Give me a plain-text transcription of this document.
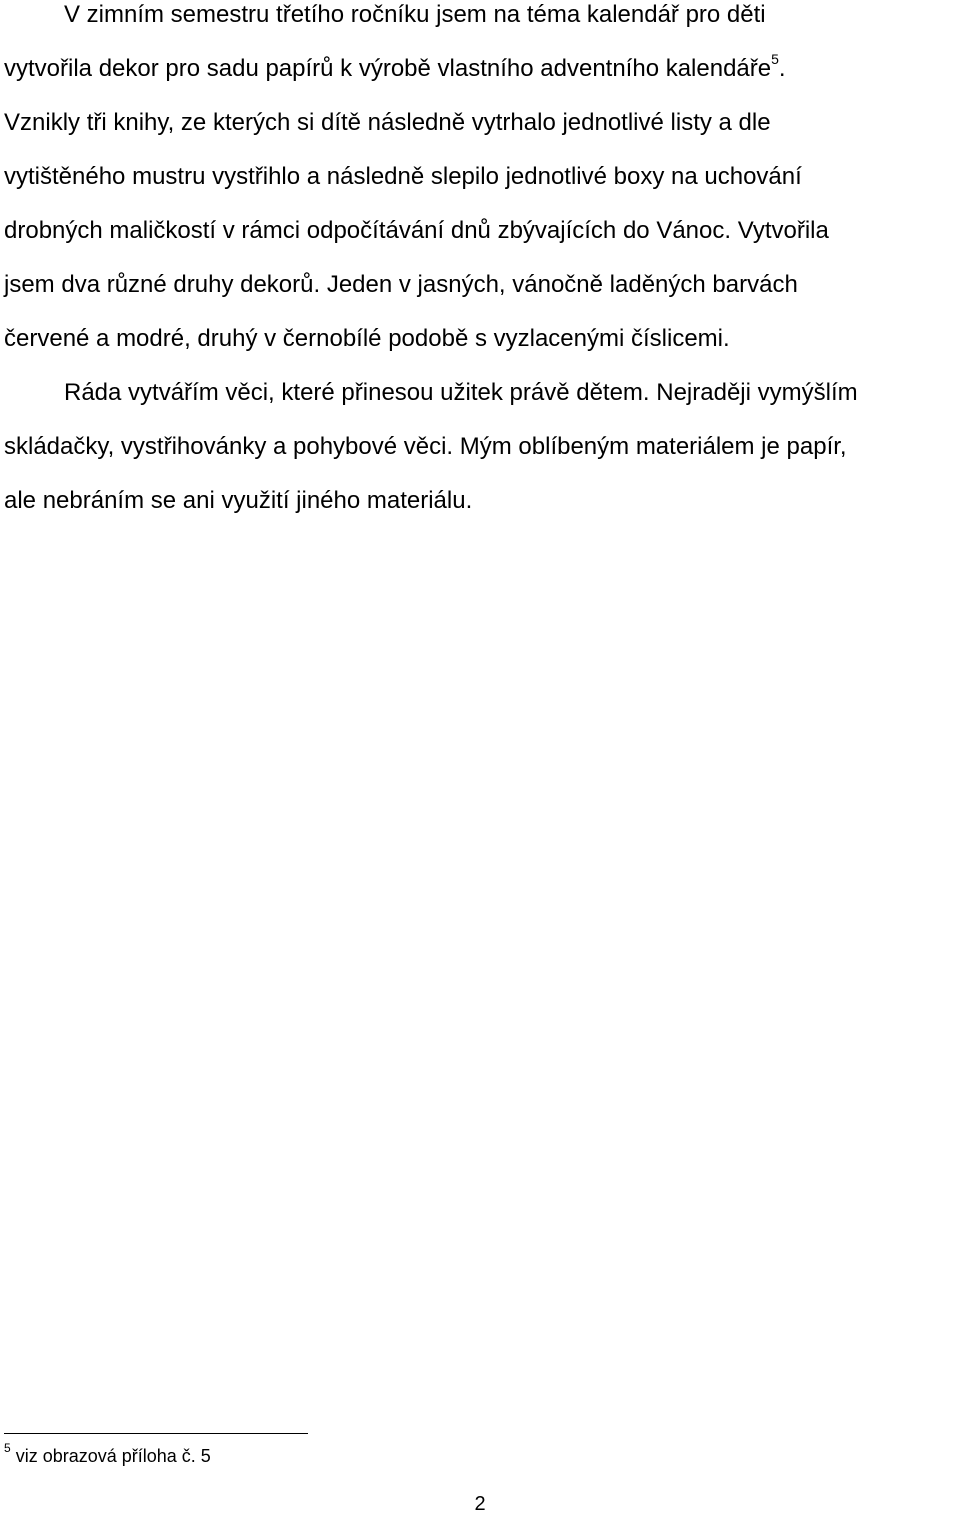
V zimním semestru třetího ročníku jsem na téma kalendář pro děti
vytvořila dekor pro sadu papírů k výrobě vlastního adventního kalendáře$^5$.
Vznikly tři knihy, ze kterých si dítě následně vytrhalo jednotlivé listy a dle
vytištěného mustru vystřihlo a následně slepilo jednotlivé boxy na uchování
drobných maličkostí v rámci odpočítávání dnů zbývajících do Vánoc. Vytvořila
jsem dva různé druhy dekorů. Jeden v jasných, vánočně laděných barvách
červené a modré, druhý v černobílé podobě s vyzlacenými číslicemi.
Ráda vytvářím věci, které přinesou užitek právě dětem. Nejraději vymýšlím
skládačky, vystřihovánky a pohybové věci. Mým oblíbeným materiálem je papír,
ale nebráním se ani využití jiného materiálu.
$^5$ viz obrazová příloha č. 5
2
